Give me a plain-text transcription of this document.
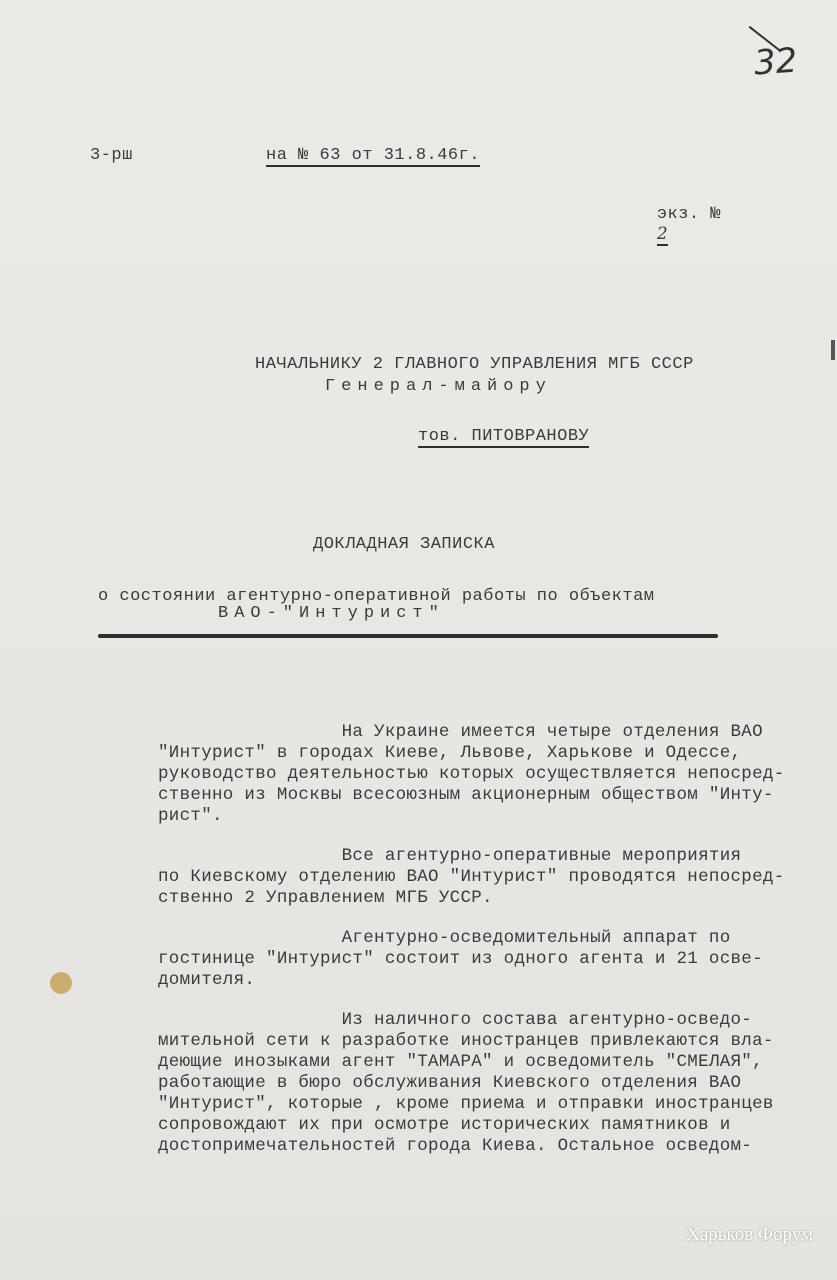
32
3-рш	на № 63 от 31.8.46г.

экз. №
2

НАЧАЛЬНИКУ 2 ГЛАВНОГО УПРАВЛЕНИЯ МГБ СССР
Генерал-майору
тов. ПИТОВРАНОВУ
ДОКЛАДНАЯ ЗАПИСКА
о состоянии агентурно-оперативной работы по объектам
ВАО-"Интурист"

На Украине имеется четыре отделения ВАО
"Интурист" в городах Киеве, Львове, Харькове и Одессе,
руководство деятельностью которых осуществляется непосред-
ственно из Москвы всесоюзным акционерным обществом "Инту-
рист".

Все агентурно-оперативные мероприятия
по Киевскому отделению ВАО "Интурист" проводятся непосред-
ственно 2 Управлением МГБ УССР.

Агентурно-осведомительный аппарат по
гостинице "Интурист" состоит из одного агента и 21 осве-
домителя.

Из наличного состава агентурно-осведо-
мительной сети к разработке иностранцев привлекаются вла-
деющие инозыками агент "ТАМАРА" и осведомитель "СМЕЛАЯ",
работающие в бюро обслуживания Киевского отделения ВАО
"Интурист", которые , кроме приема и отправки иностранцев
сопровождают их при осмотре исторических памятников и
достопримечательностей города Киева. Остальное осведом-

Харьков Форум
